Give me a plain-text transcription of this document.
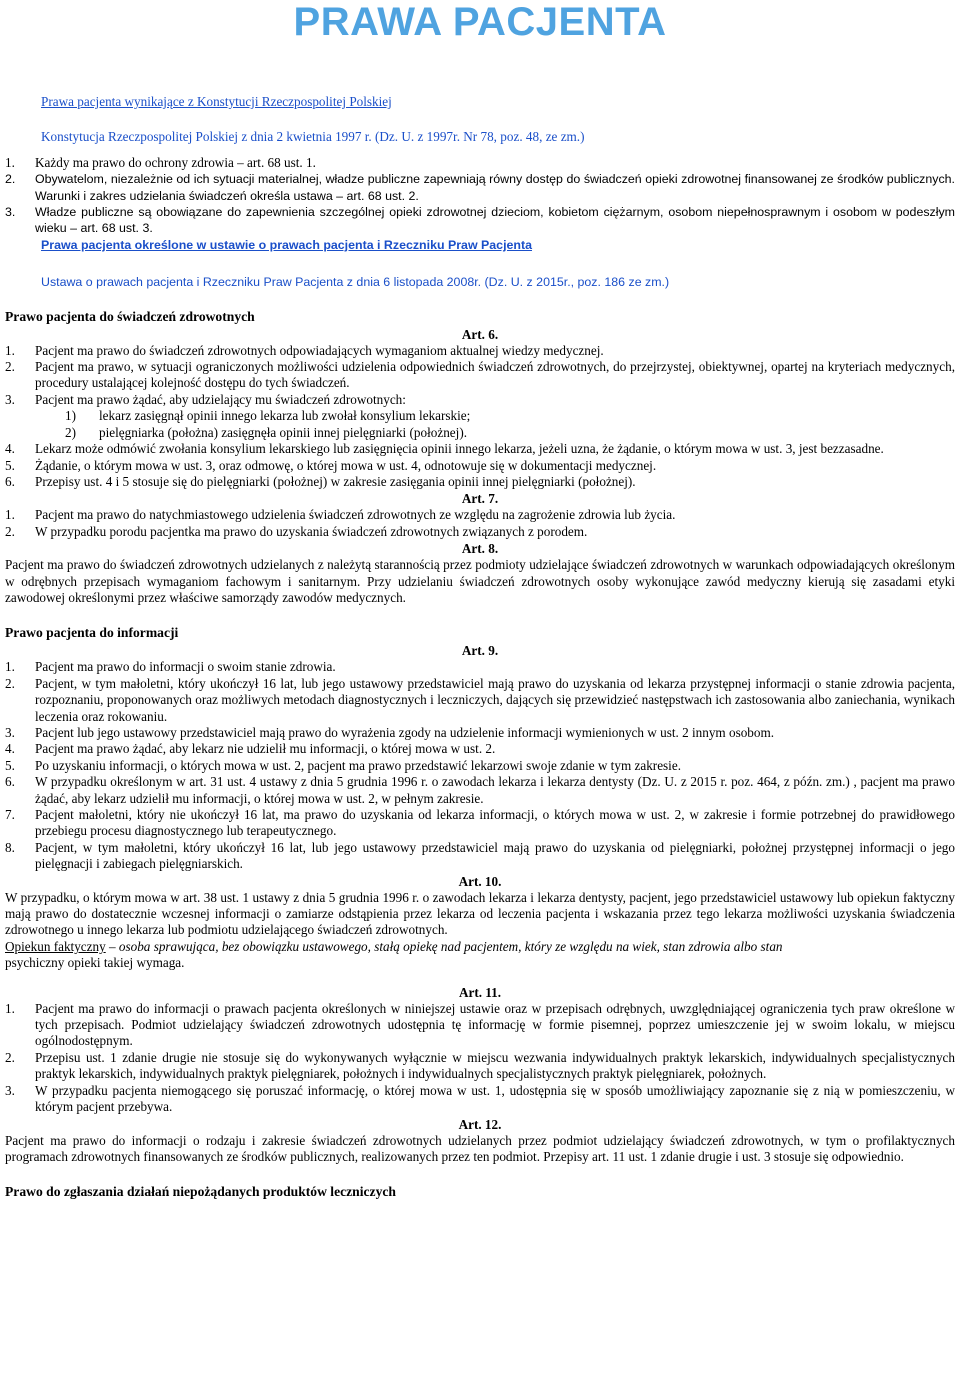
PRAWA PACJENTA
Prawa pacjenta wynikające z Konstytucji Rzeczpospolitej Polskiej
Konstytucja Rzeczpospolitej Polskiej z dnia 2 kwietnia 1997 r. (Dz. U. z 1997r. Nr 78, poz. 48, ze zm.)
1.	Każdy ma prawo do ochrony zdrowia – art. 68 ust. 1.
2.	Obywatelom, niezależnie od ich sytuacji materialnej, władze publiczne zapewniają równy dostęp do świadczeń opieki zdrowotnej finansowanej ze środków publicznych. Warunki i zakres udzielania świadczeń określa ustawa – art. 68 ust. 2.
3.	Władze publiczne są obowiązane do zapewnienia szczególnej opieki zdrowotnej dzieciom, kobietom ciężarnym, osobom niepełnosprawnym i osobom w podeszłym wieku – art. 68 ust. 3.
Prawa pacjenta określone w ustawie o prawach pacjenta i Rzeczniku Praw Pacjenta
Ustawa o prawach pacjenta i Rzeczniku Praw Pacjenta z dnia 6 listopada 2008r. (Dz. U. z 2015r., poz. 186 ze zm.)
Prawo pacjenta do świadczeń zdrowotnych
Art. 6.
1.	Pacjent ma prawo do świadczeń zdrowotnych odpowiadających wymaganiom aktualnej wiedzy medycznej.
2.	Pacjent ma prawo, w sytuacji ograniczonych możliwości udzielenia odpowiednich świadczeń zdrowotnych, do przejrzystej, obiektywnej, opartej na kryteriach medycznych, procedury ustalającej kolejność dostępu do tych świadczeń.
3.	Pacjent ma prawo żądać, aby udzielający mu świadczeń zdrowotnych:
1)	lekarz zasięgnął opinii innego lekarza lub zwołał konsylium lekarskie;
2)	pielęgniarka (położna) zasięgnęła opinii innej pielęgniarki (położnej).
4.	Lekarz może odmówić zwołania konsylium lekarskiego lub zasięgnięcia opinii innego lekarza, jeżeli uzna, że żądanie, o którym mowa w ust. 3, jest bezzasadne.
5.	Żądanie, o którym mowa w ust. 3, oraz odmowę, o której mowa w ust. 4, odnotowuje się w dokumentacji medycznej.
6.	Przepisy ust. 4 i 5 stosuje się do pielęgniarki (położnej) w zakresie zasięgania opinii innej pielęgniarki (położnej).
Art. 7.
1.	Pacjent ma prawo do natychmiastowego udzielenia świadczeń zdrowotnych ze względu na zagrożenie zdrowia lub życia.
2.	W przypadku porodu pacjentka ma prawo do uzyskania świadczeń zdrowotnych związanych z porodem.
Art. 8.
Pacjent ma prawo do świadczeń zdrowotnych udzielanych z należytą starannością przez podmioty udzielające świadczeń zdrowotnych w warunkach odpowiadających określonym w odrębnych przepisach wymaganiom fachowym i sanitarnym. Przy udzielaniu świadczeń zdrowotnych osoby wykonujące zawód medyczny kierują się zasadami etyki zawodowej określonymi przez właściwe samorządy zawodów medycznych.
Prawo pacjenta do informacji
Art. 9.
1.	Pacjent ma prawo do informacji o swoim stanie zdrowia.
2.	Pacjent, w tym małoletni, który ukończył 16 lat, lub jego ustawowy przedstawiciel mają prawo do uzyskania od lekarza przystępnej informacji o stanie zdrowia pacjenta, rozpoznaniu, proponowanych oraz możliwych metodach diagnostycznych i leczniczych, dających się przewidzieć następstwach ich zastosowania albo zaniechania, wynikach leczenia oraz rokowaniu.
3.	Pacjent lub jego ustawowy przedstawiciel mają prawo do wyrażenia zgody na udzielenie informacji wymienionych w ust. 2 innym osobom.
4.	Pacjent ma prawo żądać, aby lekarz nie udzielił mu informacji, o której mowa w ust. 2.
5.	Po uzyskaniu informacji, o których mowa w ust. 2, pacjent ma prawo przedstawić lekarzowi swoje zdanie w tym zakresie.
6.	W przypadku określonym w art. 31 ust. 4 ustawy z dnia 5 grudnia 1996 r. o zawodach lekarza i lekarza dentysty (Dz. U. z 2015 r. poz. 464, z późn. zm.) , pacjent ma prawo żądać, aby lekarz udzielił mu informacji, o której mowa w ust. 2, w pełnym zakresie.
7.	Pacjent małoletni, który nie ukończył 16 lat, ma prawo do uzyskania od lekarza informacji, o których mowa w ust. 2, w zakresie i formie potrzebnej do prawidłowego przebiegu procesu diagnostycznego lub terapeutycznego.
8.	Pacjent, w tym małoletni, który ukończył 16 lat, lub jego ustawowy przedstawiciel mają prawo do uzyskania od pielęgniarki, położnej przystępnej informacji o jego pielęgnacji i zabiegach pielęgniarskich.
Art. 10.
W przypadku, o którym mowa w art. 38 ust. 1 ustawy z dnia 5 grudnia 1996 r. o zawodach lekarza i lekarza dentysty, pacjent, jego przedstawiciel ustawowy lub opiekun faktyczny mają prawo do dostatecznie wczesnej informacji o zamiarze odstąpienia przez lekarza od leczenia pacjenta i wskazania przez tego lekarza możliwości uzyskania świadczenia zdrowotnego u innego lekarza lub podmiotu udzielającego świadczeń zdrowotnych.
Opiekun faktyczny – osoba sprawująca, bez obowiązku ustawowego, stałą opiekę nad pacjentem, który ze względu na wiek, stan zdrowia albo stan
psychiczny opieki takiej wymaga.
Art. 11.
1.	Pacjent ma prawo do informacji o prawach pacjenta określonych w niniejszej ustawie oraz w przepisach odrębnych, uwzględniającej ograniczenia tych praw określone w tych przepisach. Podmiot udzielający świadczeń zdrowotnych udostępnia tę informację w formie pisemnej, poprzez umieszczenie jej w swoim lokalu, w miejscu ogólnodostępnym.
2.	Przepisu ust. 1 zdanie drugie nie stosuje się do wykonywanych wyłącznie w miejscu wezwania indywidualnych praktyk lekarskich, indywidualnych specjalistycznych praktyk lekarskich, indywidualnych praktyk pielęgniarek, położnych i indywidualnych specjalistycznych praktyk pielęgniarek, położnych.
3.	W przypadku pacjenta niemogącego się poruszać informację, o której mowa w ust. 1, udostępnia się w sposób umożliwiający zapoznanie się z nią w pomieszczeniu, w którym pacjent przebywa.
Art. 12.
Pacjent ma prawo do informacji o rodzaju i zakresie świadczeń zdrowotnych udzielanych przez podmiot udzielający świadczeń zdrowotnych, w tym o profilaktycznych programach zdrowotnych finansowanych ze środków publicznych, realizowanych przez ten podmiot. Przepisy art. 11 ust. 1 zdanie drugie i ust. 3 stosuje się odpowiednio.
Prawo do zgłaszania działań niepożądanych produktów leczniczych
